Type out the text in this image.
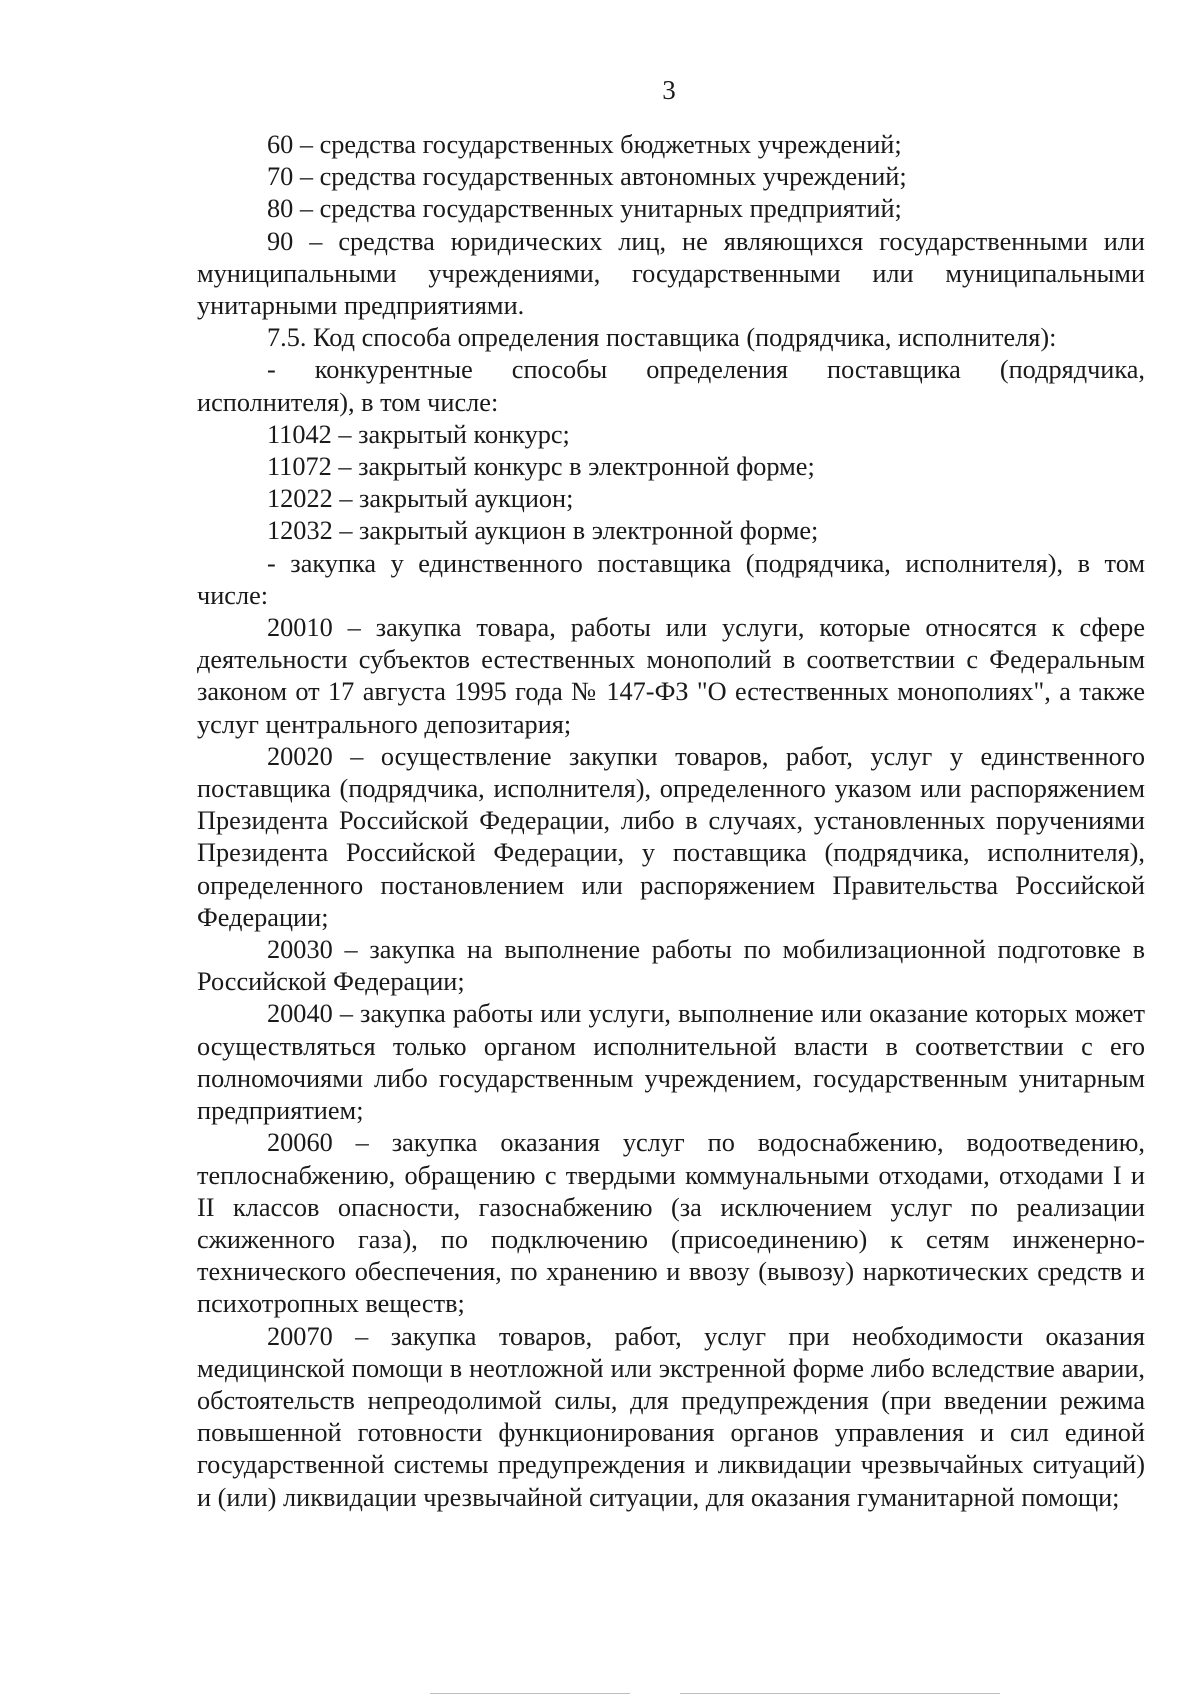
3

60 – средства государственных бюджетных учреждений;

70 – средства государственных автономных учреждений;

80 – средства государственных унитарных предприятий;

90 – средства юридических лиц, не являющихся государственными или муниципальными учреждениями, государственными или муниципальными унитарными предприятиями.

7.5. Код способа определения поставщика (подрядчика, исполнителя):

- конкурентные способы определения поставщика (подрядчика, исполнителя), в том числе:

11042 – закрытый конкурс;

11072 – закрытый конкурс в электронной форме;

12022 – закрытый аукцион;

12032 – закрытый аукцион в электронной форме;

- закупка у единственного поставщика (подрядчика, исполнителя), в том числе:

20010 – закупка товара, работы или услуги, которые относятся к сфере деятельности субъектов естественных монополий в соответствии с Федеральным законом от 17 августа 1995 года № 147-ФЗ "О естественных монополиях", а также услуг центрального депозитария;

20020 – осуществление закупки товаров, работ, услуг у единственного поставщика (подрядчика, исполнителя), определенного указом или распоряжением Президента Российской Федерации, либо в случаях, установленных поручениями Президента Российской Федерации, у поставщика (подрядчика, исполнителя), определенного постановлением или распоряжением Правительства Российской Федерации;

20030 – закупка на выполнение работы по мобилизационной подготовке в Российской Федерации;

20040 – закупка работы или услуги, выполнение или оказание которых может осуществляться только органом исполнительной власти в соответствии с его полномочиями либо государственным учреждением, государственным унитарным предприятием;

20060 – закупка оказания услуг по водоснабжению, водоотведению, теплоснабжению, обращению с твердыми коммунальными отходами, отходами I и II классов опасности, газоснабжению (за исключением услуг по реализации сжиженного газа), по подключению (присоединению) к сетям инженерно-технического обеспечения, по хранению и ввозу (вывозу) наркотических средств и психотропных веществ;

20070 – закупка товаров, работ, услуг при необходимости оказания медицинской помощи в неотложной или экстренной форме либо вследствие аварии, обстоятельств непреодолимой силы, для предупреждения (при введении режима повышенной готовности функционирования органов управления и сил единой государственной системы предупреждения и ликвидации чрезвычайных ситуаций) и (или) ликвидации чрезвычайной ситуации, для оказания гуманитарной помощи;
